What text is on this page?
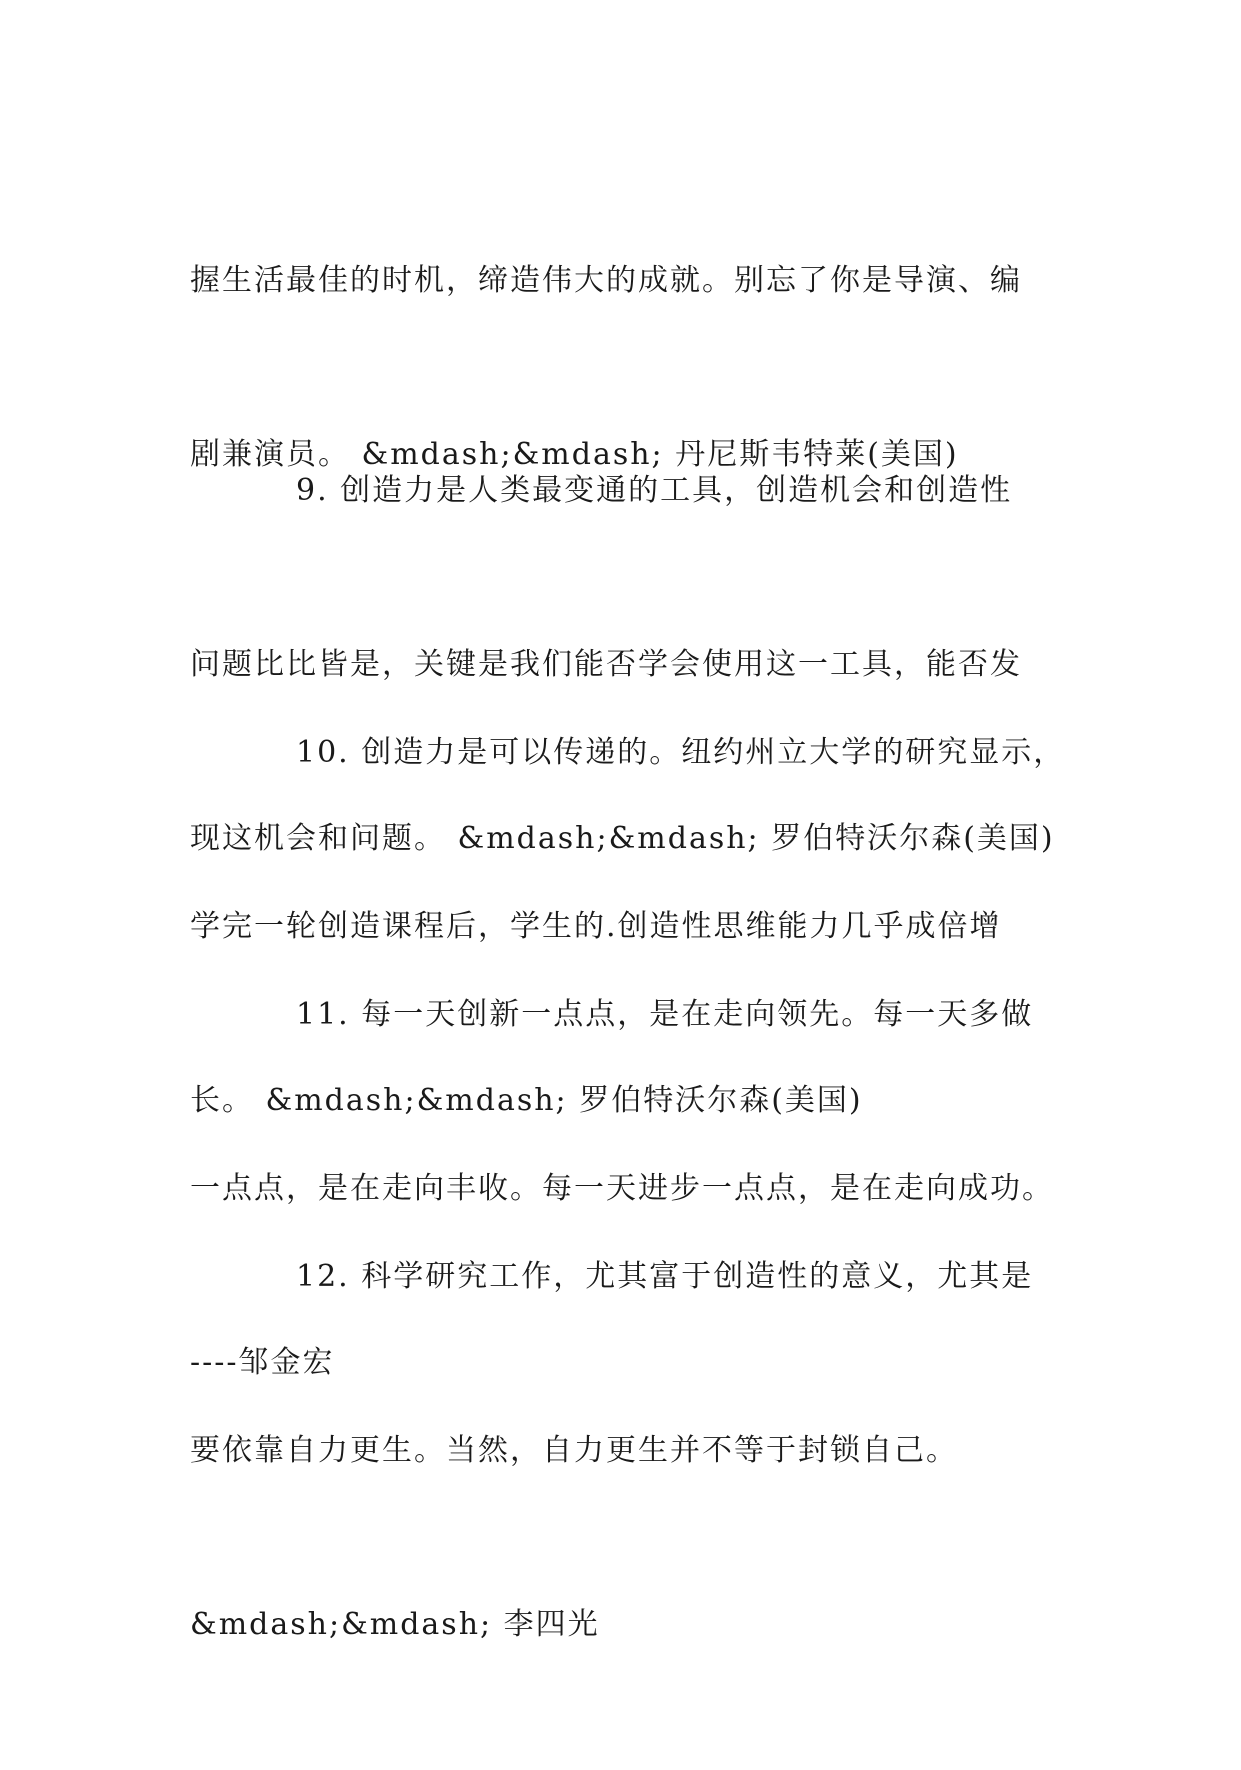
握生活最佳的时机，缔造伟大的成就。别忘了你是导演、编

剧兼演员。 &mdash;&mdash; 丹尼斯韦特莱(美国)

9. 创造力是人类最变通的工具，创造机会和创造性

问题比比皆是，关键是我们能否学会使用这一工具，能否发

现这机会和问题。 &mdash;&mdash; 罗伯特沃尔森(美国)

10. 创造力是可以传递的。纽约州立大学的研究显示，

学完一轮创造课程后，学生的.创造性思维能力几乎成倍增

长。 &mdash;&mdash; 罗伯特沃尔森(美国)

11. 每一天创新一点点，是在走向领先。每一天多做

一点点，是在走向丰收。每一天进步一点点，是在走向成功。

----邹金宏

12. 科学研究工作，尤其富于创造性的意义，尤其是

要依靠自力更生。当然，自力更生并不等于封锁自己。

&mdash;&mdash; 李四光
